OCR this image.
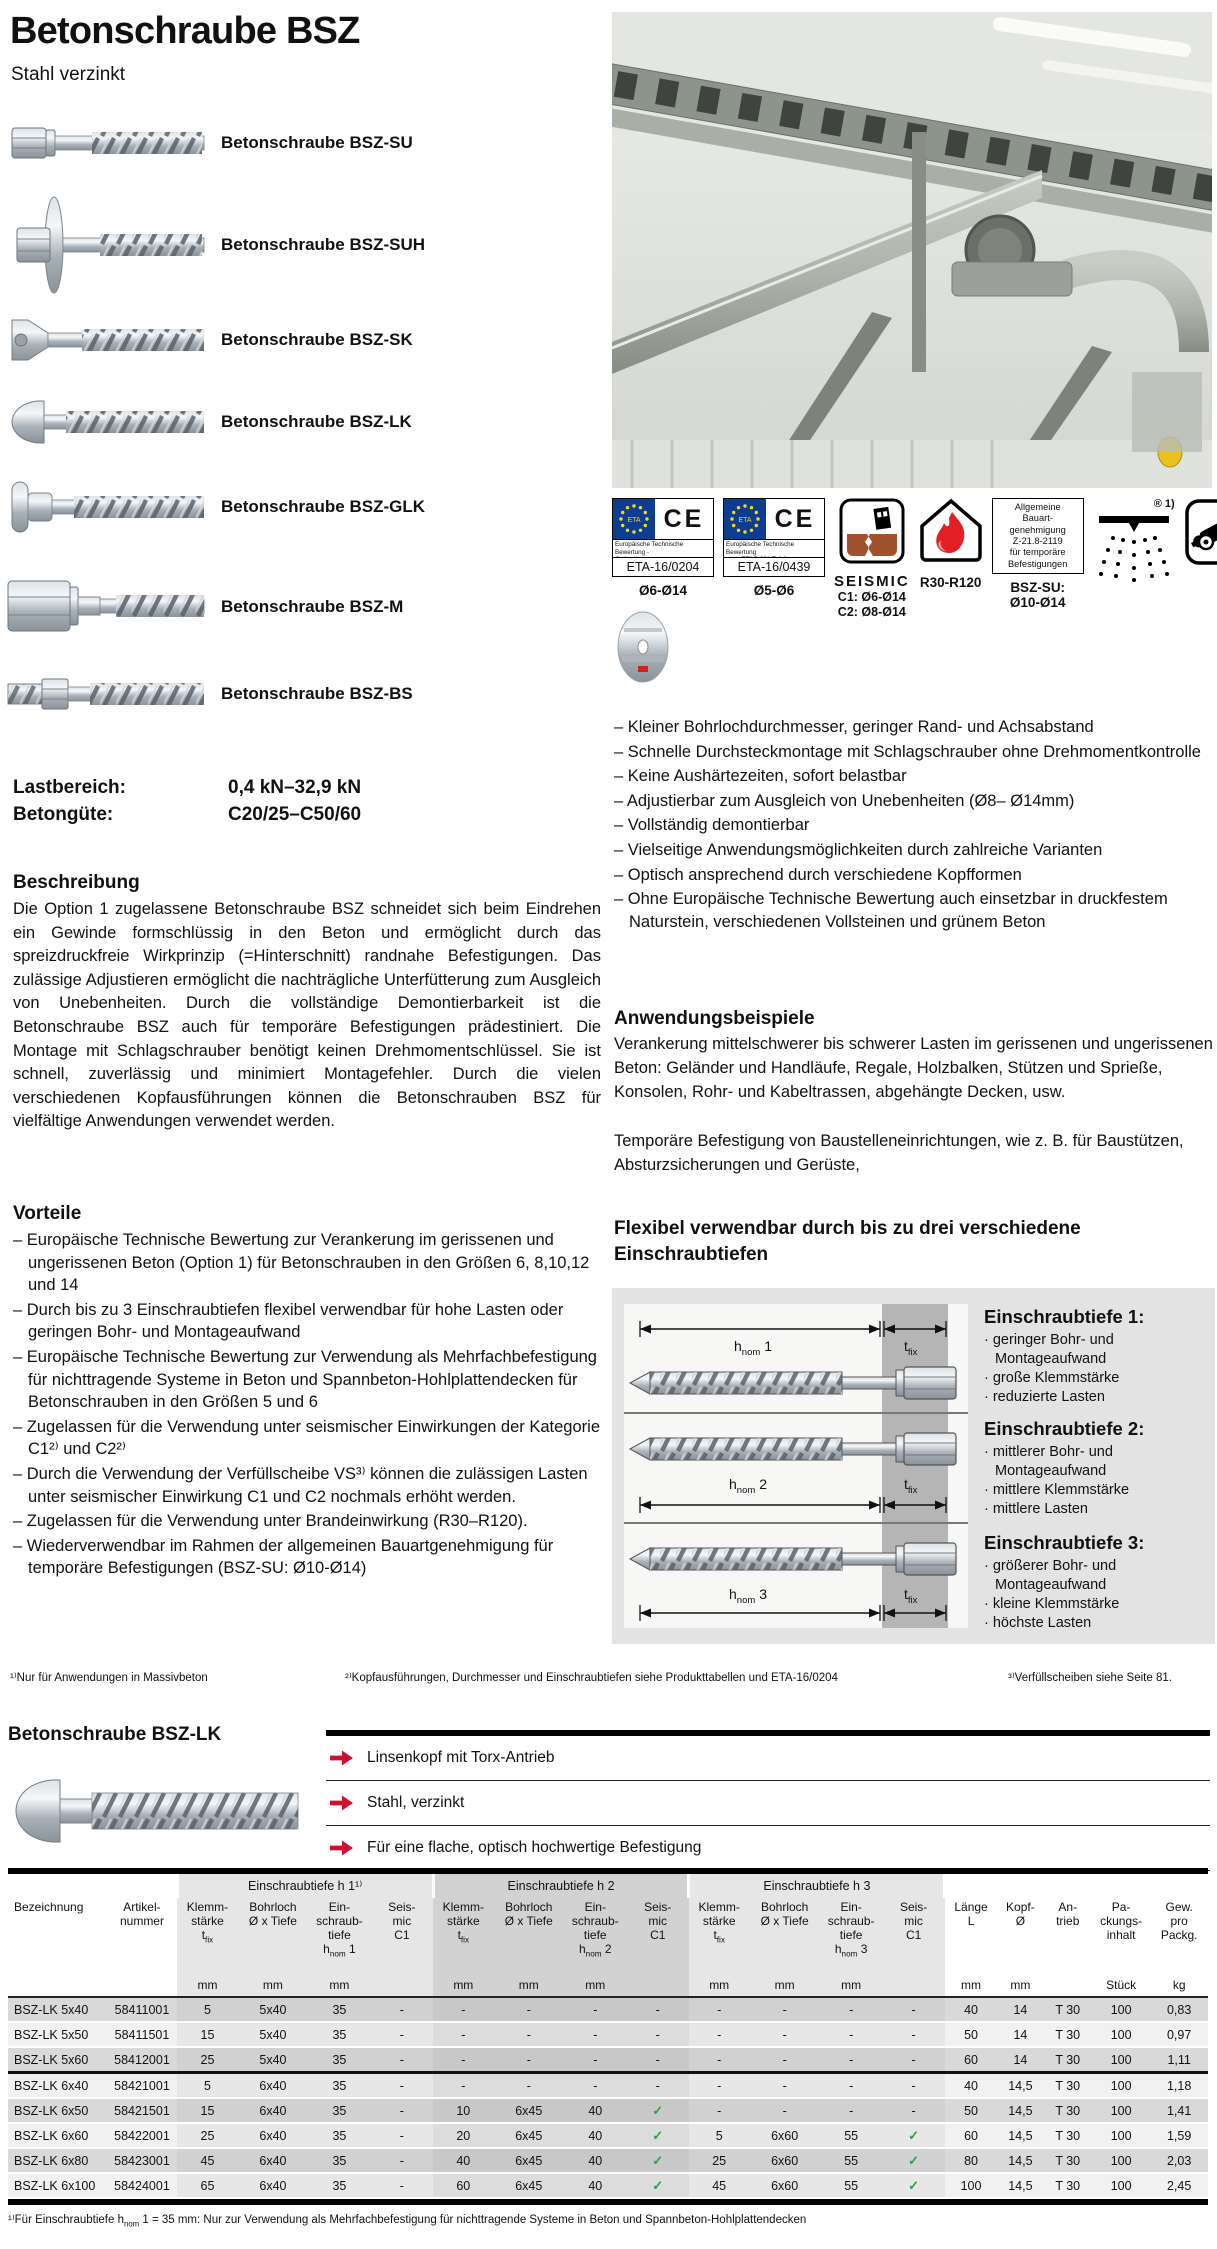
Betonschraube BSZ
Stahl verzinkt
Betonschraube BSZ-SU
Betonschraube BSZ-SUH
Betonschraube BSZ-SK
Betonschraube BSZ-LK
Betonschraube BSZ-GLK
Betonschraube BSZ-M
Betonschraube BSZ-BS
ETA CE
Europäische Technische Bewertung -

ETA-16/0204
Ø6-Ø14
ETA CE
Europäische Technische Bewertung

ETA-16/0439
Ø5-Ø6
SEISMIC
C1: Ø6-Ø14
C2: Ø8-Ø14
R30-R120
Allgemeine
Bauart-
genehmigung
Z-21.8-2119
für temporäre
Befestigungen
BSZ-SU:
Ø10-Ø14
® 1)
Lastbereich:	0,4 kN–32,9 kN
Betongüte:	C20/25–C50/60
Beschreibung
Die Option 1 zugelassene Betonschraube BSZ schneidet sich beim Eindrehen ein Gewinde formschlüssig in den Beton und ermöglicht durch das spreizdruckfreie Wirkprinzip (=Hinterschnitt) randnahe Befestigungen. Das zulässige Adjustieren ermöglicht die nachträgliche Unterfütterung zum Ausgleich von Unebenheiten. Durch die vollständige Demontierbarkeit ist die Betonschraube BSZ auch für temporäre Befestigungen prädestiniert. Die Montage mit Schlagschrauber benötigt keinen Drehmomentschlüssel. Sie ist schnell, zuverlässig und minimiert Montagefehler. Durch die vielen verschiedenen Kopfausführungen können die Betonschrauben BSZ für vielfältige Anwendungen verwendet werden.
Vorteile
– Europäische Technische Bewertung zur Verankerung im gerissenen und ungerissenen Beton (Option 1) für Betonschrauben in den Größen 6, 8,10,12 und 14
– Durch bis zu 3 Einschraubtiefen flexibel verwendbar für hohe Lasten oder geringen Bohr- und Montageaufwand
– Europäische Technische Bewertung zur Verwendung als Mehrfachbefestigung für nichttragende Systeme in Beton und Spannbeton-Hohlplattendecken für Betonschrauben in den Größen 5 und 6
– Zugelassen für die Verwendung unter seismischer Einwirkungen der Kategorie C1²⁾ und C2²⁾
– Durch die Verwendung der Verfüllscheibe VS³⁾ können die zulässigen Lasten unter seismischer Einwirkung C1 und C2 nochmals erhöht werden.
– Zugelassen für die Verwendung unter Brandeinwirkung (R30–R120).
– Wiederverwendbar im Rahmen der allgemeinen Bauartgenehmigung für temporäre Befestigungen (BSZ-SU: Ø10-Ø14)
– Kleiner Bohrlochdurchmesser, geringer Rand- und Achsabstand
– Schnelle Durchsteckmontage mit Schlagschrauber ohne Drehmomentkontrolle
– Keine Aushärtezeiten, sofort belastbar
– Adjustierbar zum Ausgleich von Unebenheiten (Ø8– Ø14mm)
– Vollständig demontierbar
– Vielseitige Anwendungsmöglichkeiten durch zahlreiche Varianten
– Optisch ansprechend durch verschiedene Kopfformen
– Ohne Europäische Technische Bewertung auch einsetzbar in druckfestem Naturstein, verschiedenen Vollsteinen und grünem Beton
Anwendungsbeispiele
Verankerung mittelschwerer bis schwerer Lasten im gerissenen und ungerissenen Beton: Geländer und Handläufe, Regale, Holzbalken, Stützen und Sprieße, Konsolen, Rohr- und Kabeltrassen, abgehängte Decken, usw.
Temporäre Befestigung von Baustelleneinrichtungen, wie z. B. für Baustützen, Absturzsicherungen und Gerüste,
Flexibel verwendbar durch bis zu drei verschiedene Einschraubtiefen
$h_{nom}$ 1	$t_{fix}$
$h_{nom}$ 2	$t_{fix}$
$h_{nom}$ 3	$t_{fix}$
Einschraubtiefe 1:
· geringer Bohr- und Montageaufwand
· große Klemmstärke
· reduzierte Lasten
Einschraubtiefe 2:
· mittlerer Bohr- und Montageaufwand
· mittlere Klemmstärke
· mittlere Lasten
Einschraubtiefe 3:
· größerer Bohr- und Montageaufwand
· kleine Klemmstärke
· höchste Lasten
¹⁾Nur für Anwendungen in Massivbeton	²⁾Kopfausführungen, Durchmesser und Einschraubtiefen siehe Produkttabellen und ETA-16/0204	³⁾Verfüllscheiben siehe Seite 81.
Betonschraube BSZ-LK
Linsenkopf mit Torx-Antrieb
Stahl, verzinkt
Für eine flache, optisch hochwertige Befestigung
		Einschraubtiefe h 1¹⁾				Einschraubtiefe h 2				Einschraubtiefe h 3								
Bezeichnung	Artikel-
nummer	Klemm-
stärke
$t_{fix}$	Bohrloch
Ø x Tiefe	Ein-
schraub-
tiefe
$h_{nom}$ 1	Seis-
mic
C1	Klemm-
stärke
$t_{fix}$	Bohrloch
Ø x Tiefe	Ein-
schraub-
tiefe
$h_{nom}$ 2	Seis-
mic
C1	Klemm-
stärke
$t_{fix}$	Bohrloch
Ø x Tiefe	Ein-
schraub-
tiefe
$h_{nom}$ 3	Seis-
mic
C1	Länge
L	Kopf-
Ø	An-
trieb	Pa-
ckungs-
inhalt	Gew.
pro
Packg.
		mm	mm	mm		mm	mm	mm		mm	mm	mm		mm	mm		Stück	kg
BSZ-LK 5x40	58411001	5	5x40	35	-	-	-	-	-	-	-	-	-	40	14	T 30	100	0,83
BSZ-LK 5x50	58411501	15	5x40	35	-	-	-	-	-	-	-	-	-	50	14	T 30	100	0,97
BSZ-LK 5x60	58412001	25	5x40	35	-	-	-	-	-	-	-	-	-	60	14	T 30	100	1,11
BSZ-LK 6x40	58421001	5	6x40	35	-	-	-	-	-	-	-	-	-	40	14,5	T 30	100	1,18
BSZ-LK 6x50	58421501	15	6x40	35	-	10	6x45	40	✓	-	-	-	-	50	14,5	T 30	100	1,41
BSZ-LK 6x60	58422001	25	6x40	35	-	20	6x45	40	✓	5	6x60	55	✓	60	14,5	T 30	100	1,59
BSZ-LK 6x80	58423001	45	6x40	35	-	40	6x45	40	✓	25	6x60	55	✓	80	14,5	T 30	100	2,03
BSZ-LK 6x100	58424001	65	6x40	35	-	60	6x45	40	✓	45	6x60	55	✓	100	14,5	T 30	100	2,45
¹⁾Für Einschraubtiefe $h_{nom}$ 1 = 35 mm: Nur zur Verwendung als Mehrfachbefestigung für nichttragende Systeme in Beton und Spannbeton-Hohlplattendecken
